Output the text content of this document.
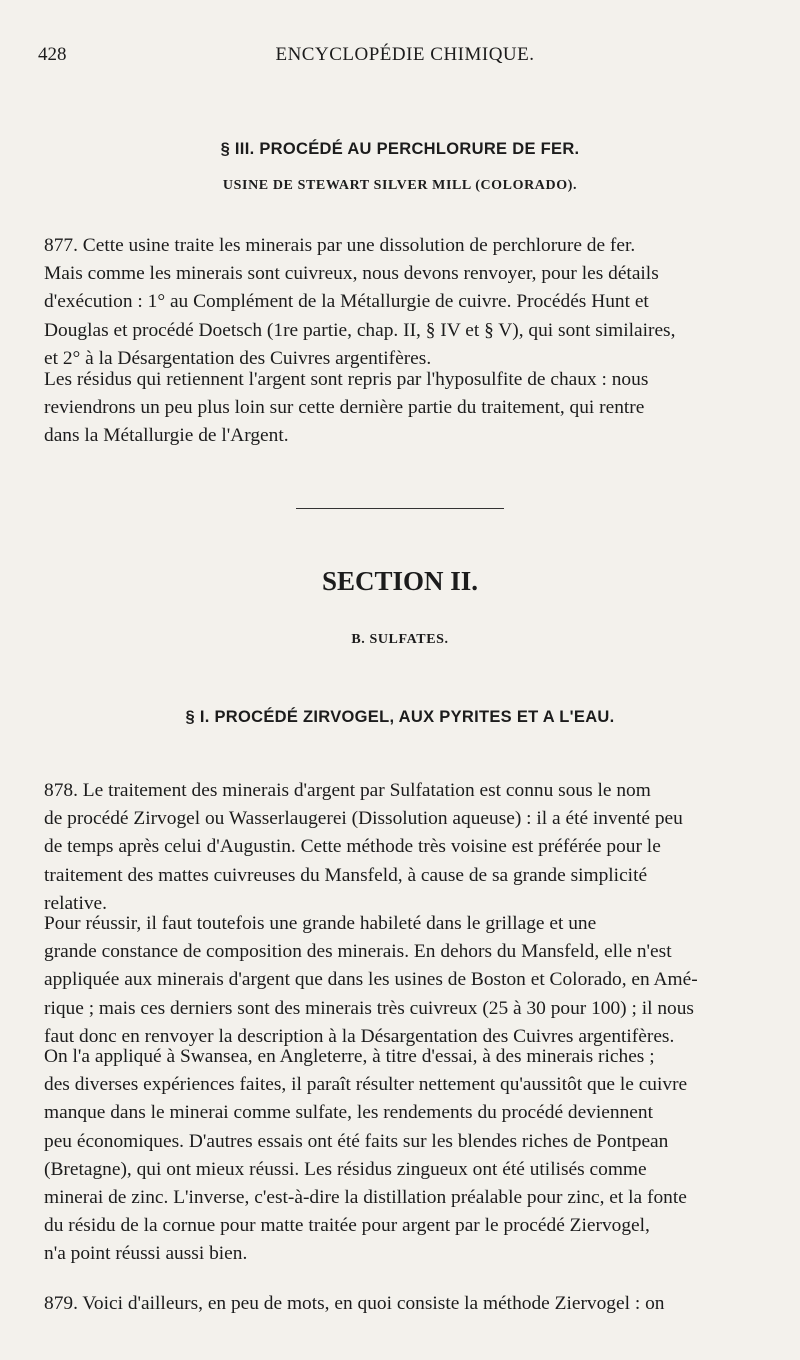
428	ENCYCLOPÉDIE CHIMIQUE.
§ III. PROCÉDÉ AU PERCHLORURE DE FER.
USINE DE STEWART SILVER MILL (COLORADO).

877. Cette usine traite les minerais par une dissolution de perchlorure de fer.

Mais comme les minerais sont cuivreux, nous devons renvoyer, pour les détails

d'exécution : 1° au Complément de la Métallurgie de cuivre. Procédés Hunt et

Douglas et procédé Doetsch (1re partie, chap. II, § IV et § V), qui sont similaires,

et 2° à la Désargentation des Cuivres argentifères.

Les résidus qui retiennent l'argent sont repris par l'hyposulfite de chaux : nous

reviendrons un peu plus loin sur cette dernière partie du traitement, qui rentre

dans la Métallurgie de l'Argent.

SECTION II.
B. SULFATES.
§ I. PROCÉDÉ ZIRVOGEL, AUX PYRITES ET A L'EAU.

878. Le traitement des minerais d'argent par Sulfatation est connu sous le nom

de procédé Zirvogel ou Wasserlaugerei (Dissolution aqueuse) : il a été inventé peu

de temps après celui d'Augustin. Cette méthode très voisine est préférée pour le

traitement des mattes cuivreuses du Mansfeld, à cause de sa grande simplicité

relative.

Pour réussir, il faut toutefois une grande habileté dans le grillage et une

grande constance de composition des minerais. En dehors du Mansfeld, elle n'est

appliquée aux minerais d'argent que dans les usines de Boston et Colorado, en Amé-

rique ; mais ces derniers sont des minerais très cuivreux (25 à 30 pour 100) ; il nous

faut donc en renvoyer la description à la Désargentation des Cuivres argentifères.

On l'a appliqué à Swansea, en Angleterre, à titre d'essai, à des minerais riches ;

des diverses expériences faites, il paraît résulter nettement qu'aussitôt que le cuivre

manque dans le minerai comme sulfate, les rendements du procédé deviennent

peu économiques. D'autres essais ont été faits sur les blendes riches de Pontpean

(Bretagne), qui ont mieux réussi. Les résidus zingueux ont été utilisés comme

minerai de zinc. L'inverse, c'est-à-dire la distillation préalable pour zinc, et la fonte

du résidu de la cornue pour matte traitée pour argent par le procédé Ziervogel,

n'a point réussi aussi bien.

879. Voici d'ailleurs, en peu de mots, en quoi consiste la méthode Ziervogel : on
